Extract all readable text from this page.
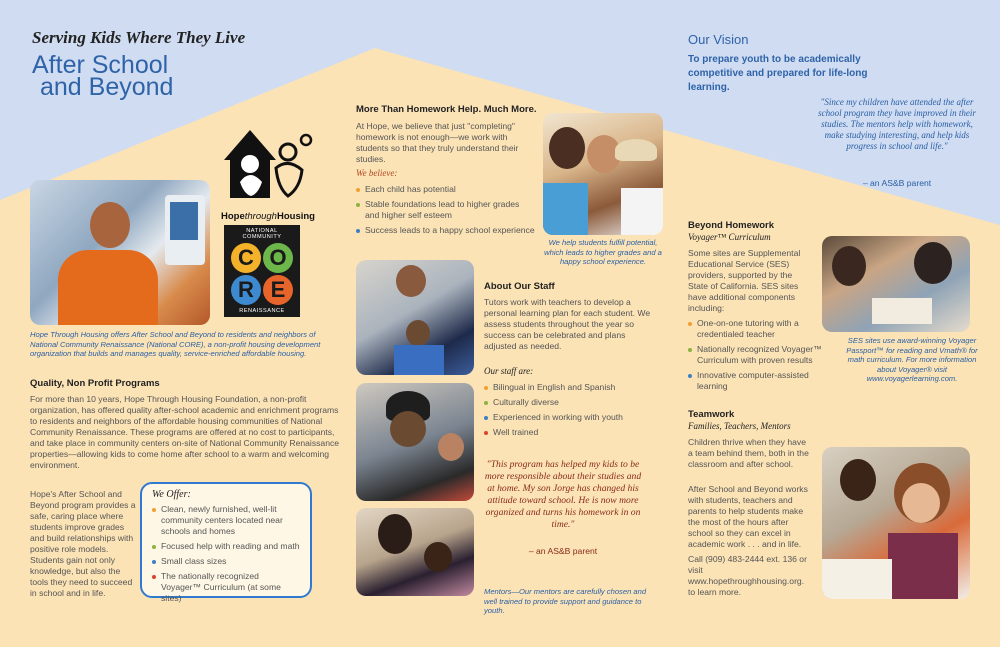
Serving Kids Where They Live
After School
and Beyond
HopethroughHousing
NATIONAL COMMUNITY
C O
R E
RENAISSANCE
Hope Through Housing offers After School and Beyond to residents and neighbors of National Community Renaissance (National CORE), a non-profit housing development organization that builds and manages quality, service-enriched affordable housing.
Quality, Non Profit Programs
For more than 10 years, Hope Through Housing Foundation, a non-profit organization, has offered quality after-school academic and enrichment programs to residents and neighbors of the affordable housing communities of National Community Renaissance. These programs are offered at no cost to participants, and take place in community centers on-site of National Community Renaissance properties—allowing kids to come home after school to a warm and welcoming environment.
Hope's After School and Beyond program provides a safe, caring place where students improve grades and build relationships with positive role models. Students gain not only knowledge, but also the tools they need to succeed in school and in life.
We Offer:
Clean, newly furnished, well-lit community centers located near schools and homes
Focused help with reading and math
Small class sizes
The nationally recognized Voyager™ Curriculum (at some sites)
More Than Homework Help. Much More.
At Hope, we believe that just "completing" homework is not enough—we work with students so that they truly understand their studies.
We believe:
Each child has potential
Stable foundations lead to higher grades and higher self esteem
Success leads to a happy school experience
We help students fulfill potential, which leads to higher grades and a happy school experience.
Mentors—Our mentors are carefully chosen and well trained to provide support and guidance to youth.
About Our Staff
Tutors work with teachers to develop a personal learning plan for each student. We assess students throughout the year so success can be celebrated and plans adjusted as needed.
Our staff are:
Bilingual in English and Spanish
Culturally diverse
Experienced in working with youth
Well trained
"This program has helped my kids to be more responsible about their studies and at home. My son Jorge has changed his attitude toward school. He is now more organized and turns his homework in on time."
– an AS&B parent
Our Vision
To prepare youth to be academically competitive and prepared for life-long learning.
"Since my children have attended the after school program they have improved in their studies. The mentors help with homework, make studying interesting, and help kids progress in school and life."
– an AS&B parent
Beyond Homework
Voyager™ Curriculum
Some sites are Supplemental Educational Service (SES) providers, supported by the State of California. SES sites have additional components including:
One-on-one tutoring with a credentialed teacher
Nationally recognized Voyager™ Curriculum with proven results
Innovative computer-assisted learning
SES sites use award-winning Voyager Passport™ for reading and Vmath® for math curriculum. For more information about Voyager® visit www.voyagerlearning.com.
Teamwork
Families, Teachers, Mentors
Children thrive when they have a team behind them, both in the classroom and after school.
After School and Beyond works with students, teachers and parents to help students make the most of the hours after school so they can excel in academic work . . . and in life.
Call (909) 483-2444 ext. 136 or visit www.hopethroughhousing.org. to learn more.
